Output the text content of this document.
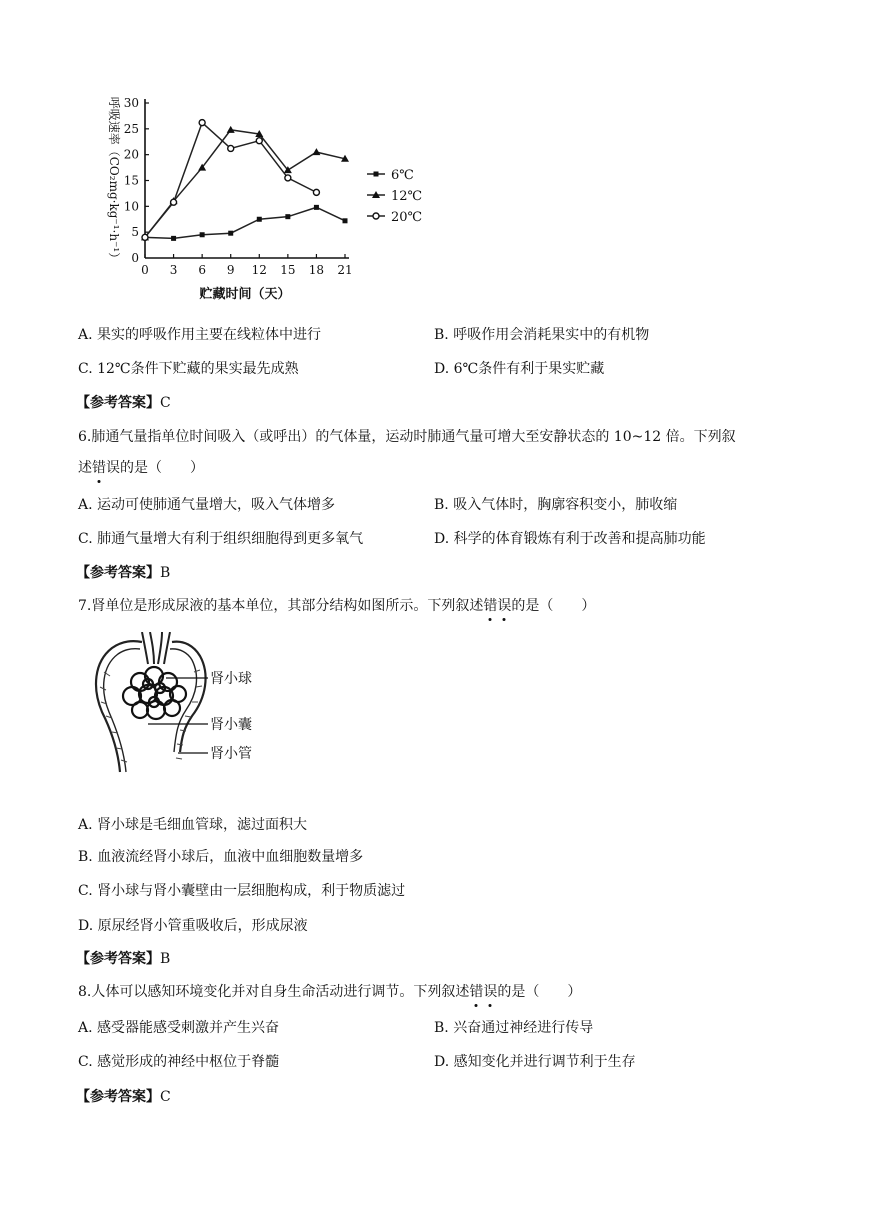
0 3 6 9 12 15 18 21
0
5
10
15
20
25
30
贮藏时间（天）
呼吸速率（CO₂mg·kg⁻¹·h⁻¹）	6℃
12℃
20℃
A. 果实的呼吸作用主要在线粒体中进行	B. 呼吸作用会消耗果实中的有机物
C. 12℃条件下贮藏的果实最先成熟	D. 6℃条件有利于果实贮藏
【参考答案】C
6.肺通气量指单位时间吸入（或呼出）的气体量，运动时肺通气量可增大至安静状态的 10~12 倍。下列叙
述错误的是（　　）
A. 运动可使肺通气量增大，吸入气体增多	B. 吸入气体时，胸廓容积变小，肺收缩
C. 肺通气量增大有利于组织细胞得到更多氧气	D. 科学的体育锻炼有利于改善和提高肺功能
【参考答案】B
7.肾单位是形成尿液的基本单位，其部分结构如图所示。下列叙述错误的是（　　）
肾小球
肾小囊
肾小管
A. 肾小球是毛细血管球，滤过面积大
B. 血液流经肾小球后，血液中血细胞数量增多
C. 肾小球与肾小囊壁由一层细胞构成，利于物质滤过
D. 原尿经肾小管重吸收后，形成尿液
【参考答案】B
8.人体可以感知环境变化并对自身生命活动进行调节。下列叙述错误的是（　　）
A. 感受器能感受刺激并产生兴奋	B. 兴奋通过神经进行传导
C. 感觉形成的神经中枢位于脊髓	D. 感知变化并进行调节利于生存
【参考答案】C
